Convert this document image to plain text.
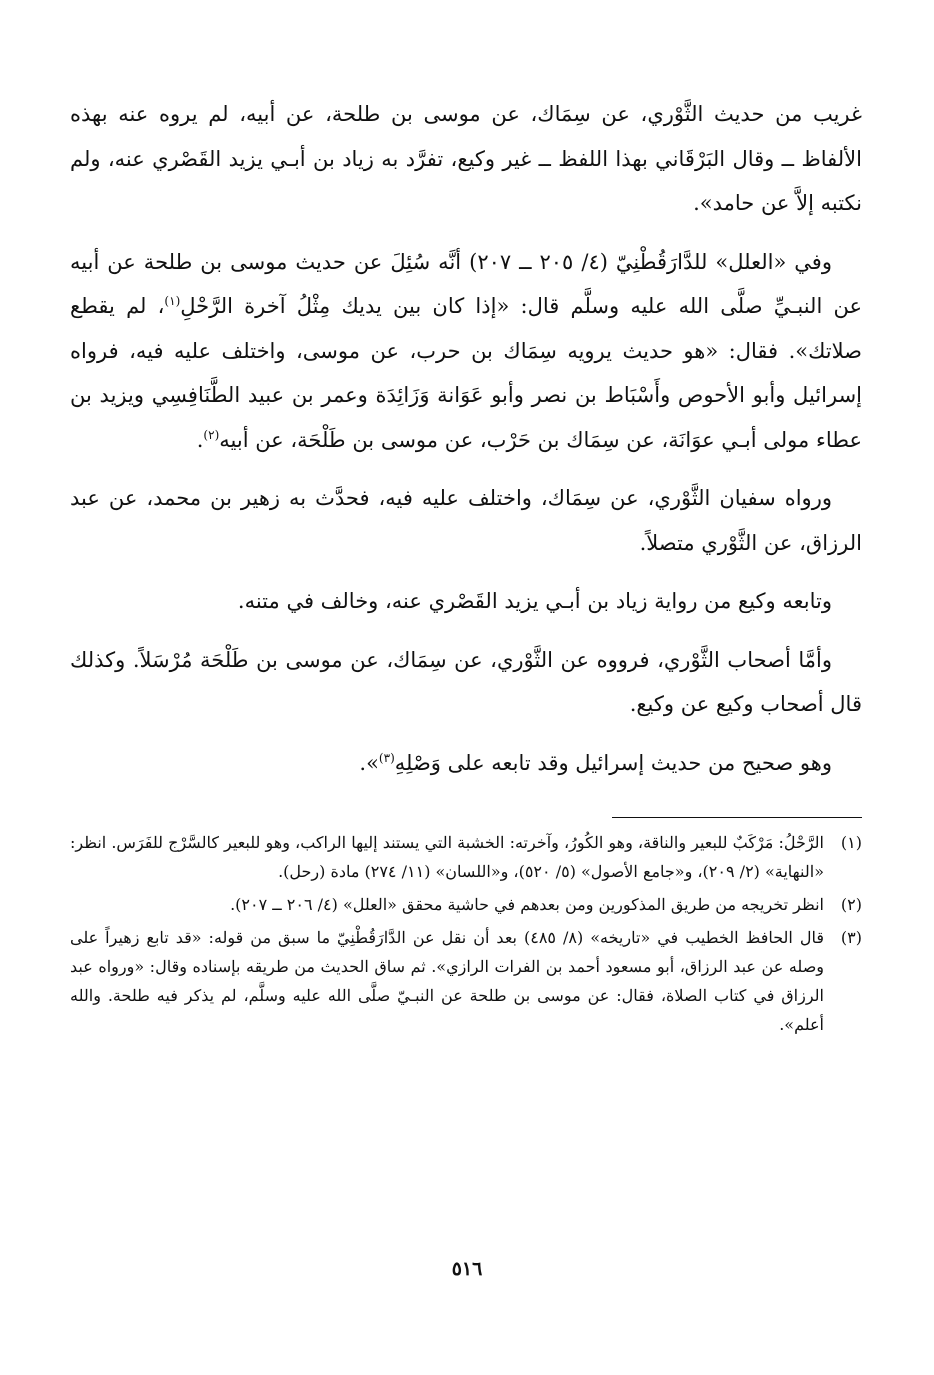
غريب من حديث الثَّوْري، عن سِمَاك، عن موسى بن طلحة، عن أبيه، لم يروه عنه بهذه الألفاظ ــ وقال البَرْقَاني بهذا اللفظ ــ غير وكيع، تفرَّد به زياد بن أبـي يزيد القَصْري عنه، ولم نكتبه إلاَّ عن حامد».

وفي «العلل» للدَّارَقُطْنِيّ (٤/ ٢٠٥ ــ ٢٠٧) أنَّه سُئِلَ عن حديث موسى بن طلحة عن أبيه عن النبـيِّ صلَّى الله عليه وسلَّم قال: «إذا كان بين يديك مِثْلُ آخرة الرَّحْلِ$^{(١)}$، لم يقطع صلاتك». فقال: «هو حديث يرويه سِمَاك بن حرب، عن موسى، واختلف عليه فيه، فرواه إسرائيل وأبو الأحوص وأَسْبَاط بن نصر وأبو عَوَانة وَزَائِدَة وعمر بن عبيد الطَّنَافِسِي ويزيد بن عطاء مولى أبـي عوَانَة، عن سِمَاك بن حَرْب، عن موسى بن طَلْحَة، عن أبيه$^{(٢)}$.

ورواه سفيان الثَّوْري، عن سِمَاك، واختلف عليه فيه، فحدَّث به زهير بن محمد، عن عبد الرزاق، عن الثَّوْري متصلاً.

وتابعه وكيع من رواية زياد بن أبـي يزيد القَصْري عنه، وخالف في متنه.

وأمَّا أصحاب الثَّوْري، فرووه عن الثَّوْري، عن سِمَاك، عن موسى بن طَلْحَة مُرْسَلاً. وكذلك قال أصحاب وكيع عن وكيع.

وهو صحيح من حديث إسرائيل وقد تابعه على وَصْلِهِ$^{(٣)}$».

(١)
الرَّحْلُ: مَرْكَبٌ للبعير والناقة، وهو الكُورُ، وآخرته: الخشبة التي يستند إليها الراكب، وهو للبعير كالسَّرْج للفَرَس. انظر: «النهاية» (٢/ ٢٠٩)، و«جامع الأصول» (٥/ ٥٢٠)، و«اللسان» (١١/ ٢٧٤) مادة (رحل).
(٢)
انظر تخريجه من طريق المذكورين ومن بعدهم في حاشية محقق «العلل» (٤/ ٢٠٦ ــ ٢٠٧).
(٣)
قال الحافظ الخطيب في «تاريخه» (٨/ ٤٨٥) بعد أن نقل عن الدَّارَقُطْنِيّ ما سبق من قوله: «قد تابع زهيراً على وصله عن عبد الرزاق، أبو مسعود أحمد بن الفرات الرازي». ثم ساق الحديث من طريقه بإسناده وقال: «ورواه عبد الرزاق في كتاب الصلاة، فقال: عن موسى بن طلحة عن النبـيّ صلَّى الله عليه وسلَّم، لم يذكر فيه طلحة. والله أعلم».
٥١٦
